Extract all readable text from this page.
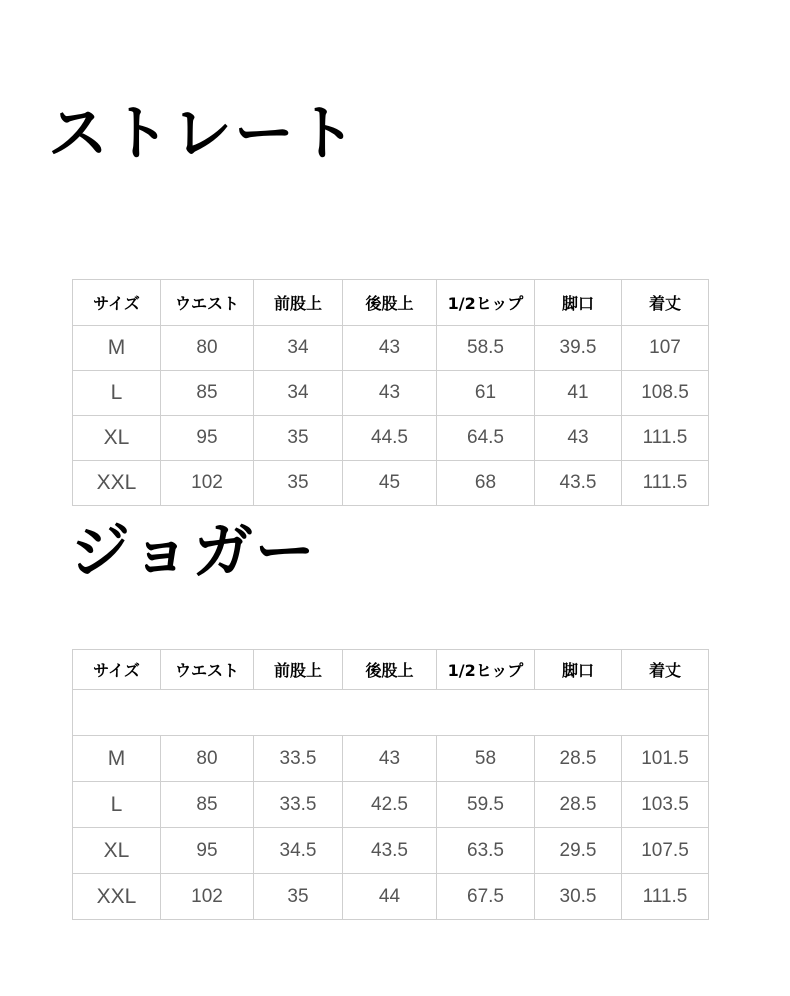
ストレート
サイズ	ウエスト	前股上	後股上	1/2ヒップ	脚口	着丈
M	80	34	43	58.5	39.5	107
L	85	34	43	61	41	108.5
XL	95	35	44.5	64.5	43	111.5
XXL	102	35	45	68	43.5	111.5
ジョガー
サイズ	ウエスト	前股上	後股上	1/2ヒップ	脚口	着丈

M	80	33.5	43	58	28.5	101.5
L	85	33.5	42.5	59.5	28.5	103.5
XL	95	34.5	43.5	63.5	29.5	107.5
XXL	102	35	44	67.5	30.5	111.5
